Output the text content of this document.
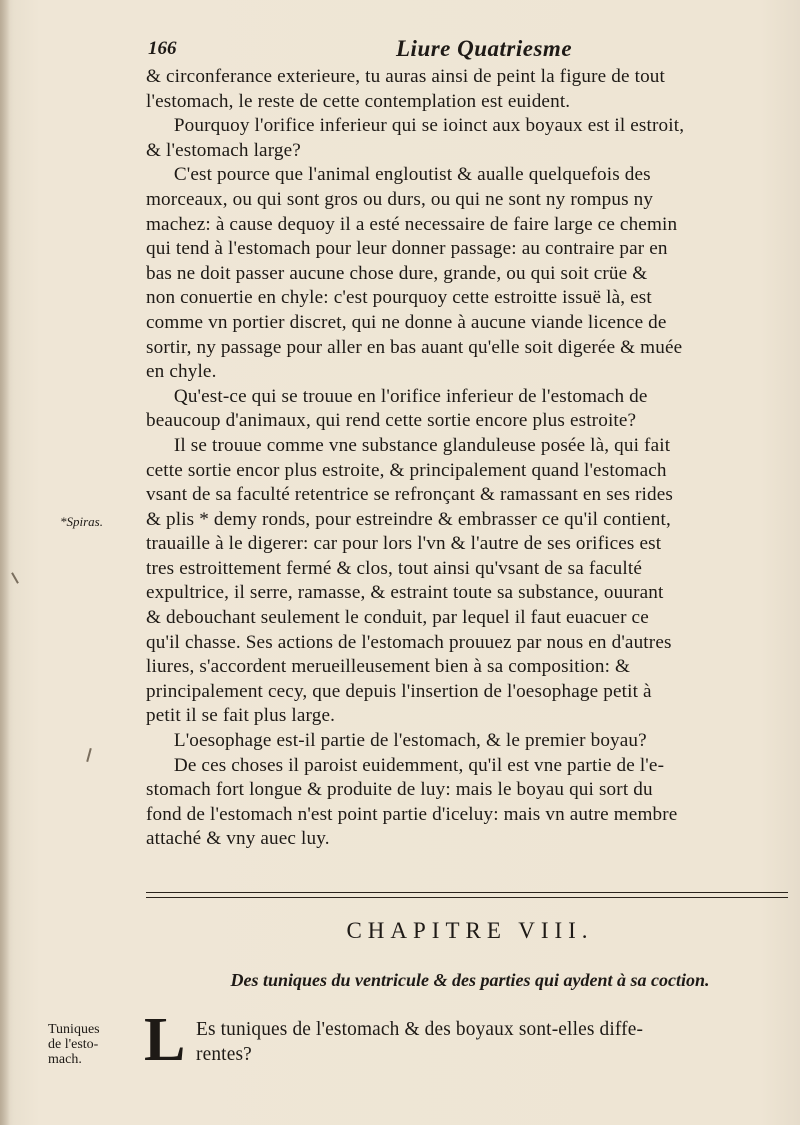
166	Liure Quatriesme
& circonferance exterieure, tu auras ainsi de peint la figure de tout
l'estomach, le reste de cette contemplation est euident.
Pourquoy l'orifice inferieur qui se ioinct aux boyaux est il estroit,
& l'estomach large?
C'est pource que l'animal engloutist & aualle quelquefois des
morceaux, ou qui sont gros ou durs, ou qui ne sont ny rompus ny
machez: à cause dequoy il a esté necessaire de faire large ce chemin
qui tend à l'estomach pour leur donner passage: au contraire par en
bas ne doit passer aucune chose dure, grande, ou qui soit crüe &
non conuertie en chyle: c'est pourquoy cette estroitte issuë là, est
comme vn portier discret, qui ne donne à aucune viande licence de
sortir, ny passage pour aller en bas auant qu'elle soit digerée & muée
en chyle.
Qu'est-ce qui se trouue en l'orifice inferieur de l'estomach de
beaucoup d'animaux, qui rend cette sortie encore plus estroite?
Il se trouue comme vne substance glanduleuse posée là, qui fait
cette sortie encor plus estroite, & principalement quand l'estomach
vsant de sa faculté retentrice se refronçant & ramassant en ses rides
& plis * demy ronds, pour estreindre & embrasser ce qu'il contient,
trauaille à le digerer: car pour lors l'vn & l'autre de ses orifices est
tres estroittement fermé & clos, tout ainsi qu'vsant de sa faculté
expultrice, il serre, ramasse, & estraint toute sa substance, ouurant
& debouchant seulement le conduit, par lequel il faut euacuer ce
qu'il chasse. Ses actions de l'estomach prouuez par nous en d'autres
liures, s'accordent merueilleusement bien à sa composition: &
principalement cecy, que depuis l'insertion de l'oesophage petit à
petit il se fait plus large.
L'oesophage est-il partie de l'estomach, & le premier boyau?
De ces choses il paroist euidemment, qu'il est vne partie de l'e-
stomach fort longue & produite de luy: mais le boyau qui sort du
fond de l'estomach n'est point partie d'iceluy: mais vn autre membre
attaché & vny auec luy.
*Spiras.
CHAPITRE VIII.
Des tuniques du ventricule & des parties qui aydent à sa coction.
Tuniques
de l'esto-
mach. L Es tuniques de l'estomach & des boyaux sont-elles diffe-
rentes?
